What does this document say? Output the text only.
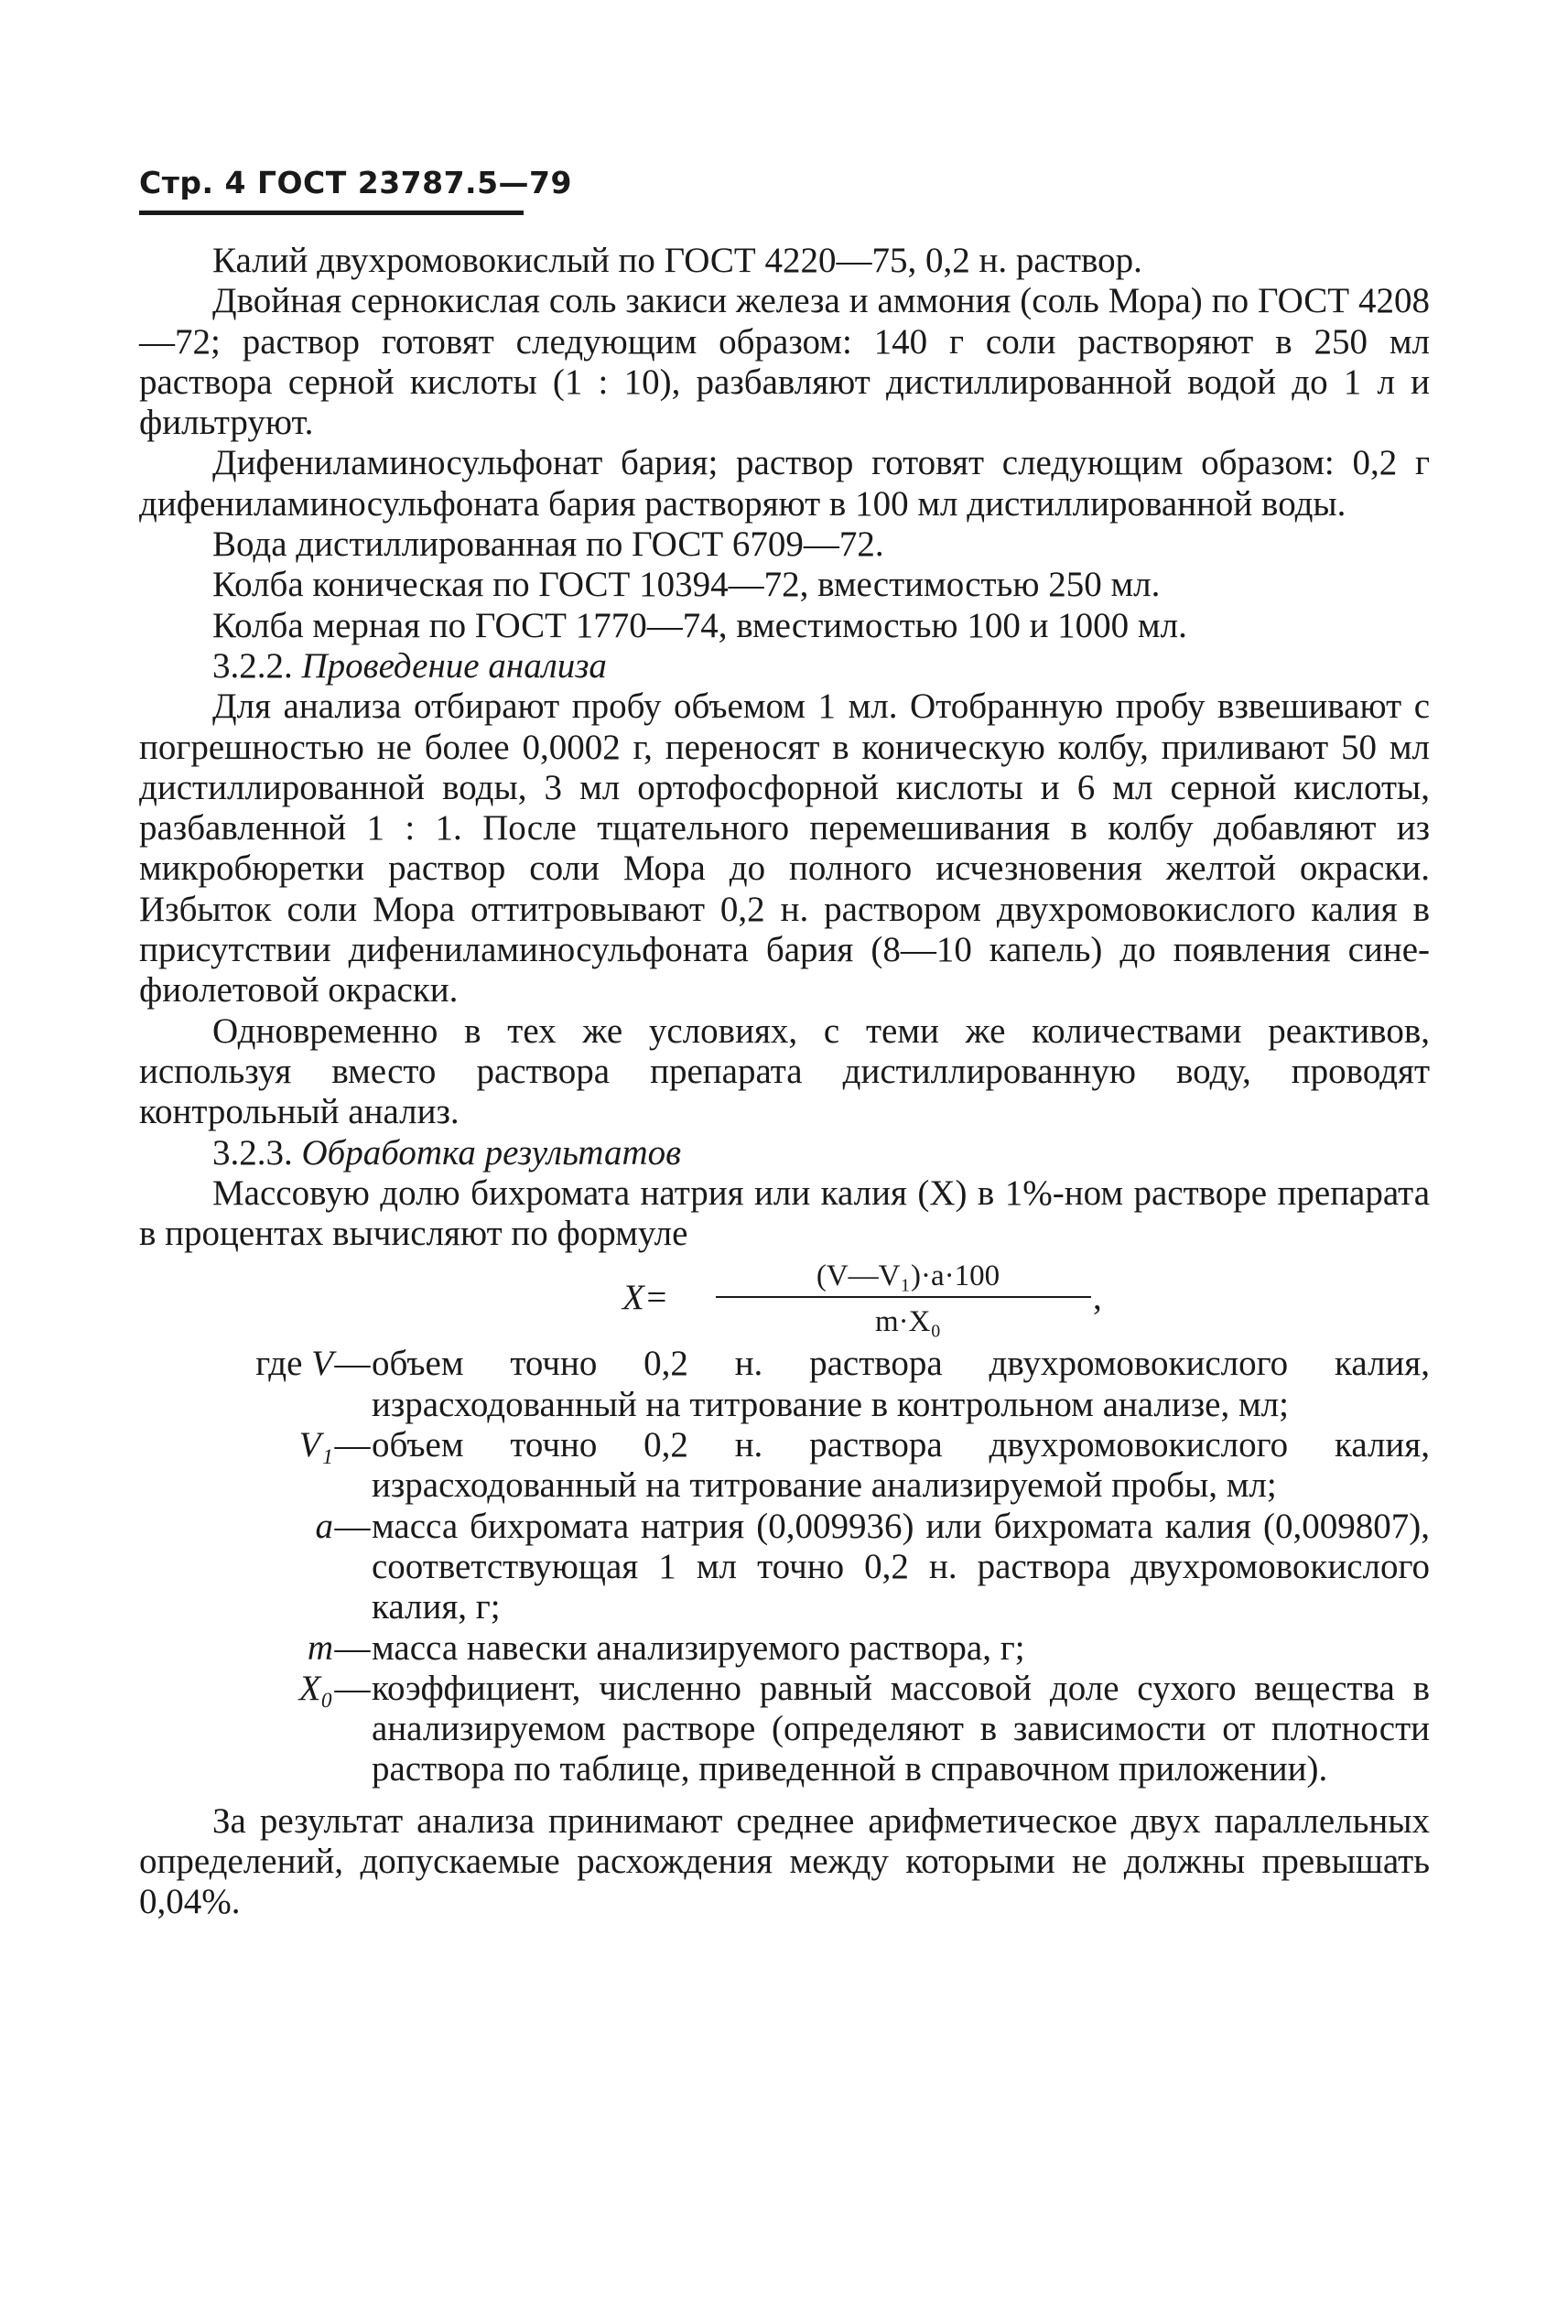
Стр. 4 ГОСТ 23787.5—79

Калий двухромовокислый по ГОСТ 4220—75, 0,2 н. раствор.

Двойная сернокислая соль закиси железа и аммония (соль Мора) по ГОСТ 4208—72; раствор готовят следующим образом: 140 г соли растворяют в 250 мл раствора серной кислоты (1 : 10), разбавляют дистиллированной водой до 1 л и фильтруют.

Дифениламиносульфонат бария; раствор готовят следующим образом: 0,2 г дифениламиносульфоната бария растворяют в 100 мл дистиллированной воды.

Вода дистиллированная по ГОСТ 6709—72.

Колба коническая по ГОСТ 10394—72, вместимостью 250 мл.

Колба мерная по ГОСТ 1770—74, вместимостью 100 и 1000 мл.

3.2.2. Проведение анализа

Для анализа отбирают пробу объемом 1 мл. Отобранную пробу взвешивают с погрешностью не более 0,0002 г, переносят в коническую колбу, приливают 50 мл дистиллированной воды, 3 мл ортофосфорной кислоты и 6 мл серной кислоты, разбавленной 1 : 1. После тщательного перемешивания в колбу добавляют из микробюретки раствор соли Мора до полного исчезновения желтой окраски. Избыток соли Мора оттитровывают 0,2 н. раствором двухромовокислого калия в присутствии дифениламиносульфоната бария (8—10 капель) до появления сине-фиолетовой окраски.

Одновременно в тех же условиях, с теми же количествами реактивов, используя вместо раствора препарата дистиллированную воду, проводят контрольный анализ.

3.2.3. Обработка результатов

Массовую долю бихромата натрия или калия (X) в 1%-ном растворе препарата в процентах вычисляют по формуле

X=
(V—V₁)·a·100
m·X₀
,
где V — объем точно 0,2 н. раствора двухромовокислого калия, израсходованный на титрование в контрольном анализе, мл;
V₁ — объем точно 0,2 н. раствора двухромовокислого калия, израсходованный на титрование анализируемой пробы, мл;
a — масса бихромата натрия (0,009936) или бихромата калия (0,009807), соответствующая 1 мл точно 0,2 н. раствора двухромовокислого калия, г;
m — масса навески анализируемого раствора, г;
X₀ — коэффициент, численно равный массовой доле сухого вещества в анализируемом растворе (определяют в зависимости от плотности раствора по таблице, приведенной в справочном приложении).

За результат анализа принимают среднее арифметическое двух параллельных определений, допускаемые расхождения между которыми не должны превышать 0,04%.
